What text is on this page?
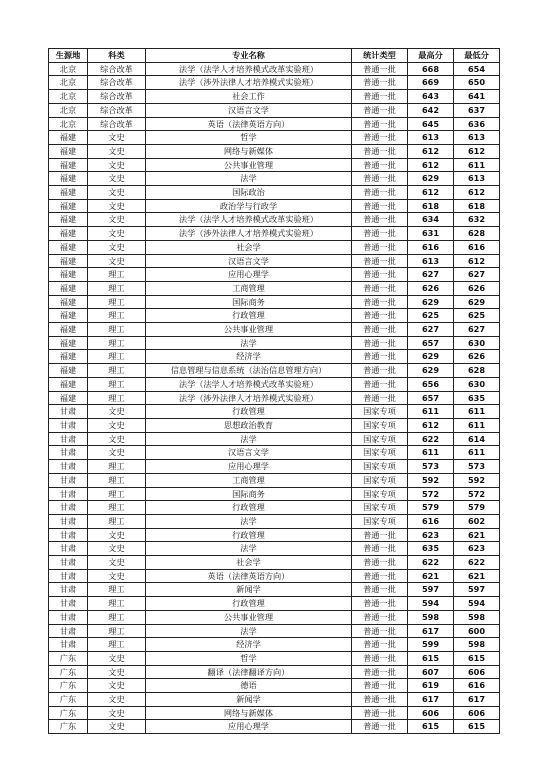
生源地	科类	专业名称	统计类型	最高分	最低分
北京	综合改革	法学（法学人才培养模式改革实验班）	普通一批	668	654
北京	综合改革	法学（涉外法律人才培养模式实验班）	普通一批	669	650
北京	综合改革	社会工作	普通一批	643	641
北京	综合改革	汉语言文学	普通一批	642	637
北京	综合改革	英语（法律英语方向）	普通一批	645	636
福建	文史	哲学	普通一批	613	613
福建	文史	网络与新媒体	普通一批	612	612
福建	文史	公共事业管理	普通一批	612	611
福建	文史	法学	普通一批	629	613
福建	文史	国际政治	普通一批	612	612
福建	文史	政治学与行政学	普通一批	618	618
福建	文史	法学（法学人才培养模式改革实验班）	普通一批	634	632
福建	文史	法学（涉外法律人才培养模式实验班）	普通一批	631	628
福建	文史	社会学	普通一批	616	616
福建	文史	汉语言文学	普通一批	613	612
福建	理工	应用心理学	普通一批	627	627
福建	理工	工商管理	普通一批	626	626
福建	理工	国际商务	普通一批	629	629
福建	理工	行政管理	普通一批	625	625
福建	理工	公共事业管理	普通一批	627	627
福建	理工	法学	普通一批	657	630
福建	理工	经济学	普通一批	629	626
福建	理工	信息管理与信息系统（法治信息管理方向）	普通一批	629	628
福建	理工	法学（法学人才培养模式改革实验班）	普通一批	656	630
福建	理工	法学（涉外法律人才培养模式实验班）	普通一批	657	635
甘肃	文史	行政管理	国家专项	611	611
甘肃	文史	思想政治教育	国家专项	612	611
甘肃	文史	法学	国家专项	622	614
甘肃	文史	汉语言文学	国家专项	611	611
甘肃	理工	应用心理学	国家专项	573	573
甘肃	理工	工商管理	国家专项	592	592
甘肃	理工	国际商务	国家专项	572	572
甘肃	理工	行政管理	国家专项	579	579
甘肃	理工	法学	国家专项	616	602
甘肃	文史	行政管理	普通一批	623	621
甘肃	文史	法学	普通一批	635	623
甘肃	文史	社会学	普通一批	622	622
甘肃	文史	英语（法律英语方向）	普通一批	621	621
甘肃	理工	新闻学	普通一批	597	597
甘肃	理工	行政管理	普通一批	594	594
甘肃	理工	公共事业管理	普通一批	598	598
甘肃	理工	法学	普通一批	617	600
甘肃	理工	经济学	普通一批	599	598
广东	文史	哲学	普通一批	615	615
广东	文史	翻译（法律翻译方向）	普通一批	607	606
广东	文史	德语	普通一批	619	616
广东	文史	新闻学	普通一批	617	617
广东	文史	网络与新媒体	普通一批	606	606
广东	文史	应用心理学	普通一批	615	615
